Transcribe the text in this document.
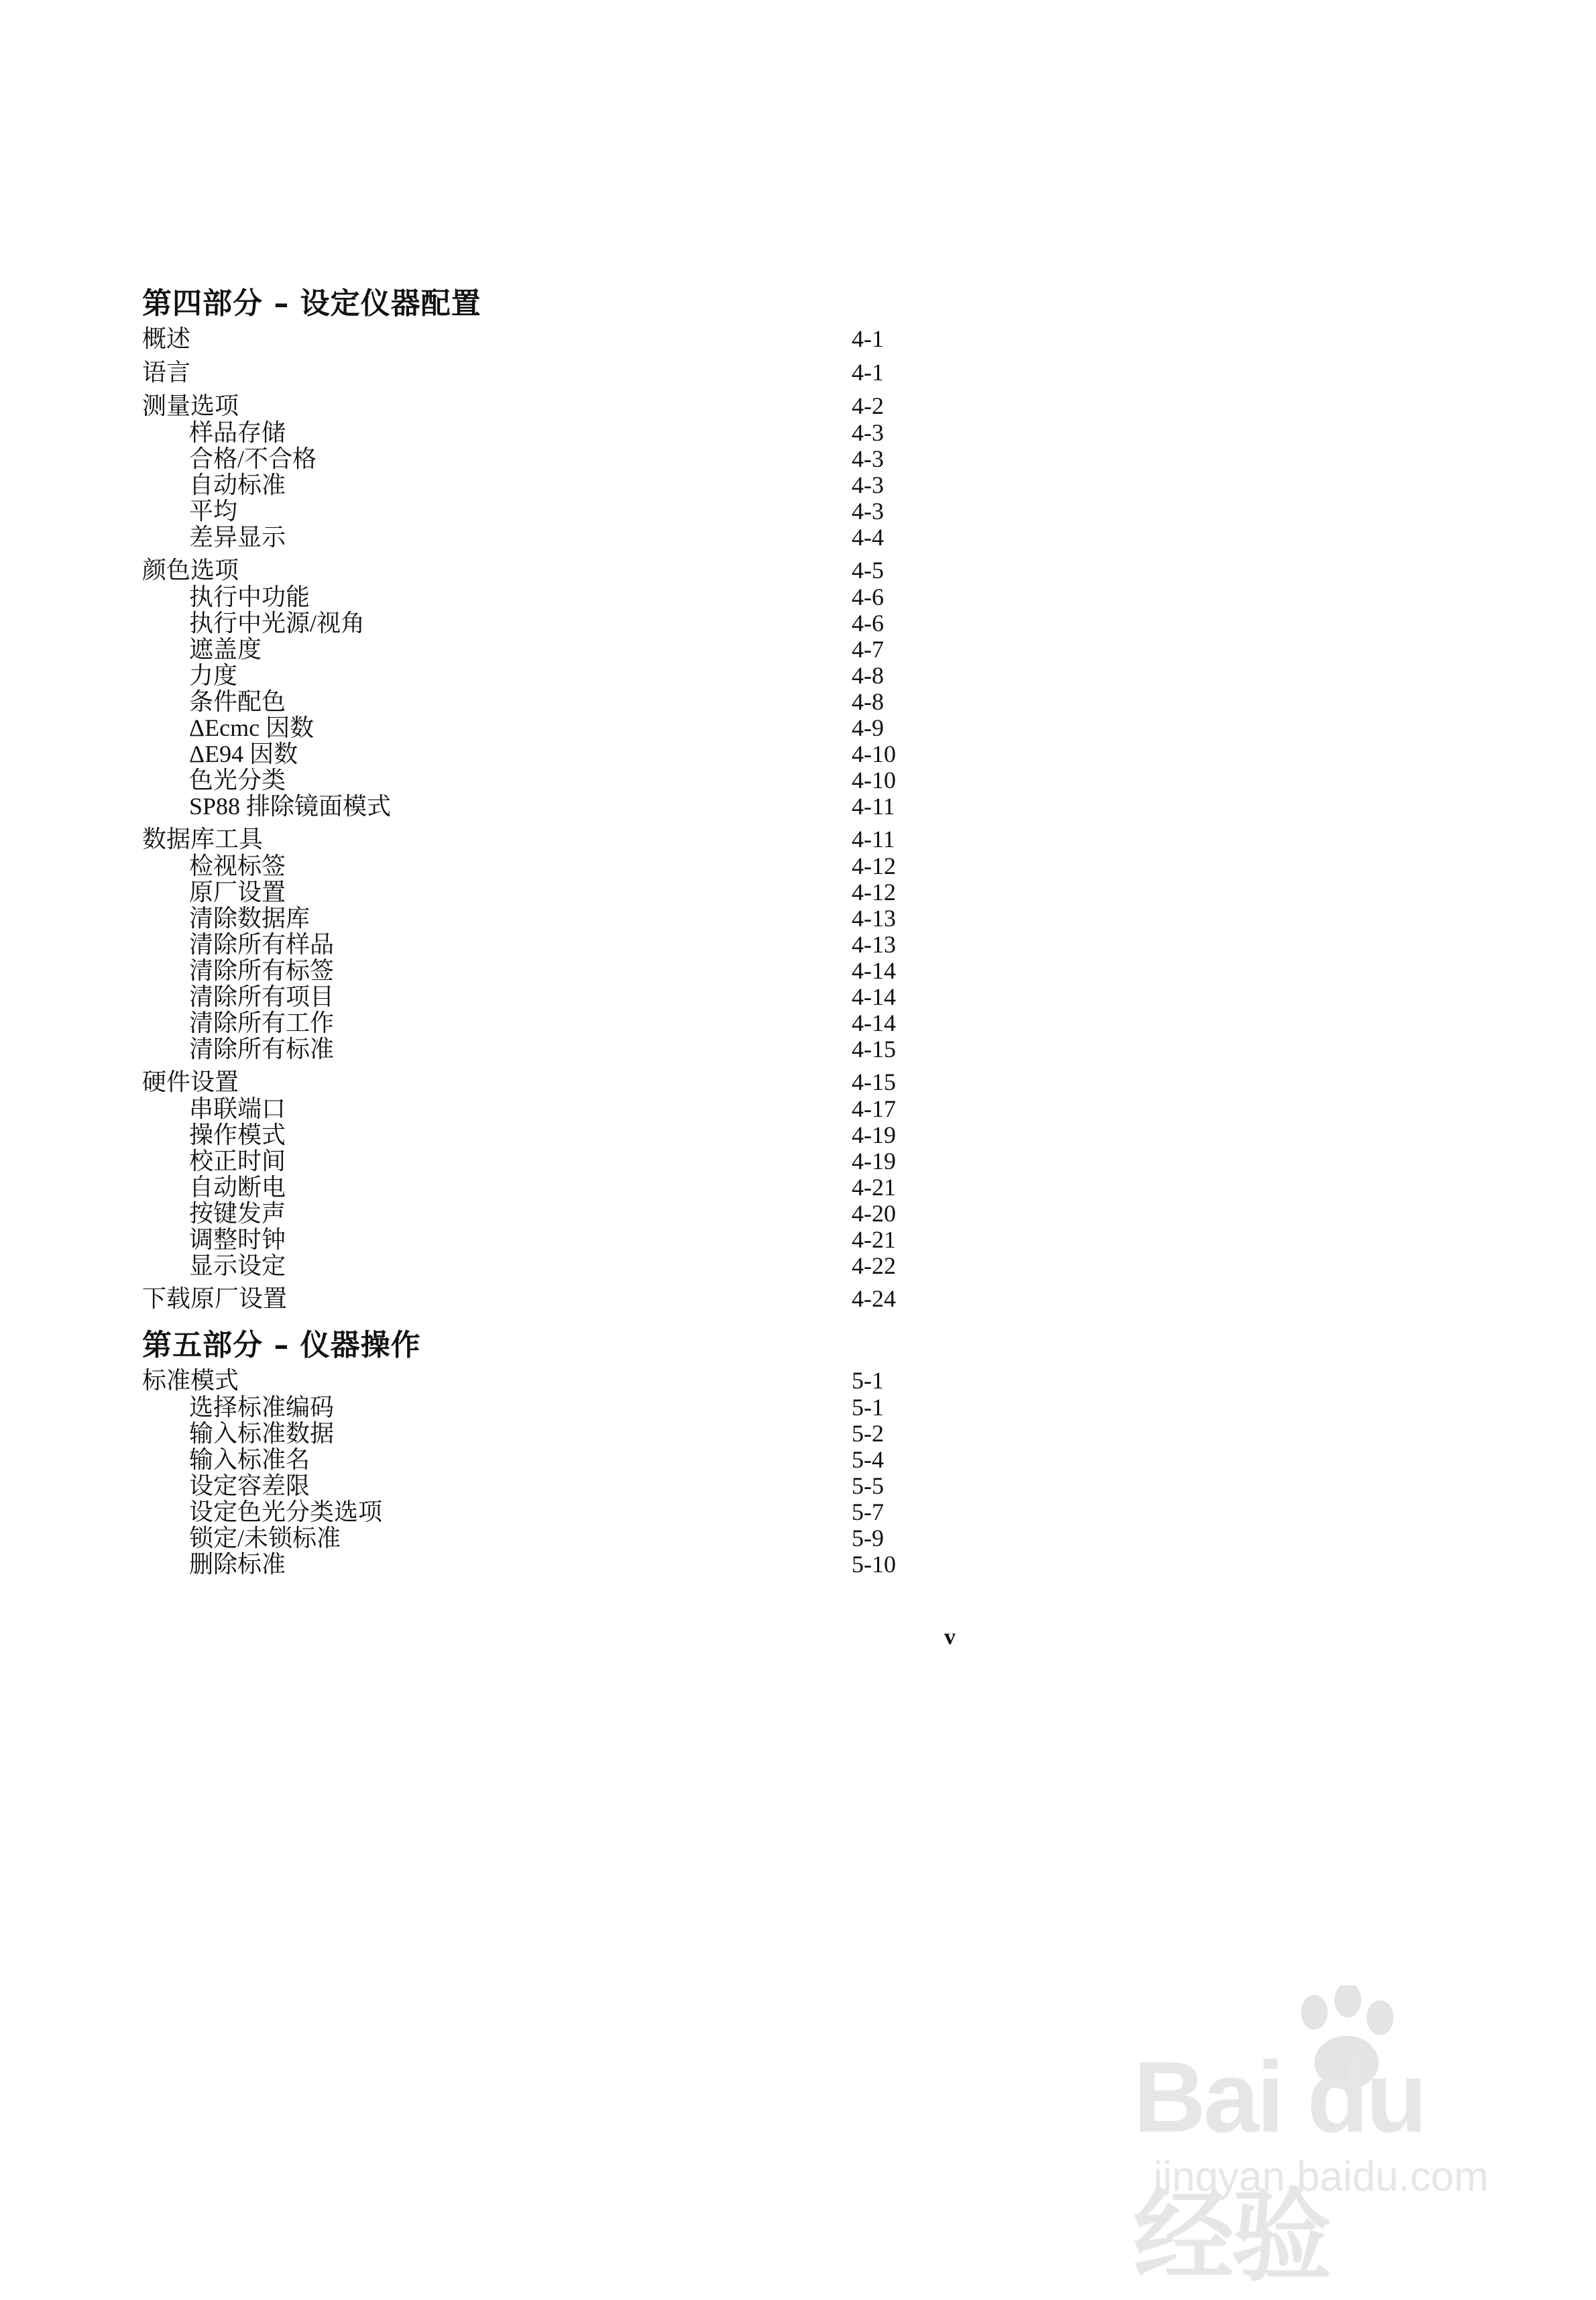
第四部分 – 设定仪器配置
概述	4-1
语言	4-1
测量选项	4-2
样品存储	4-3
合格/不合格	4-3
自动标准	4-3
平均	4-3
差异显示	4-4
颜色选项	4-5
执行中功能	4-6
执行中光源/视角	4-6
遮盖度	4-7
力度	4-8
条件配色	4-8
ΔEcmc 因数	4-9
ΔE94 因数	4-10
色光分类	4-10
SP88 排除镜面模式	4-11
数据库工具	4-11
检视标签	4-12
原厂设置	4-12
清除数据库	4-13
清除所有样品	4-13
清除所有标签	4-14
清除所有项目	4-14
清除所有工作	4-14
清除所有标准	4-15
硬件设置	4-15
串联端口	4-17
操作模式	4-19
校正时间	4-19
自动断电	4-21
按键发声	4-20
调整时钟	4-21
显示设定	4-22
下载原厂设置	4-24
第五部分 – 仪器操作
标准模式	5-1
选择标准编码	5-1
输入标准数据	5-2
输入标准名	5-4
设定容差限	5-5
设定色光分类选项	5-7
锁定/未锁标准	5-9
删除标准	5-10
v
Bai du 经验
jingyan.baidu.com
